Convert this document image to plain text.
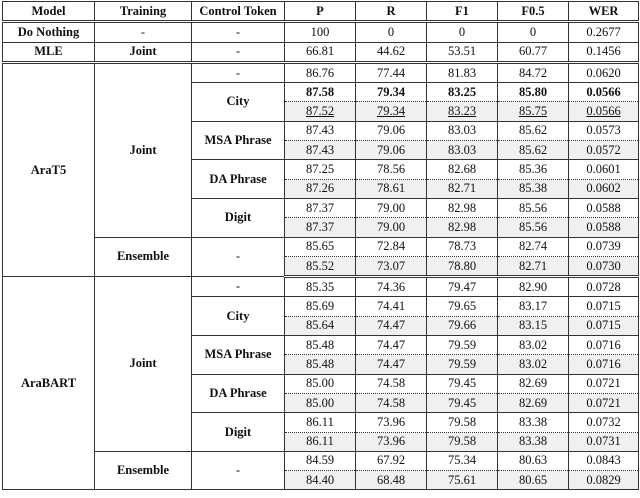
Model	Training	Control Token	P	R	F1	F0.5	WER
Do Nothing	-	-	100	0	0	0	0.2677
MLE	Joint	-	66.81	44.62	53.51	60.77	0.1456
AraT5	Joint	-	86.76	77.44	81.83	84.72	0.0620
		City	87.58	79.34	83.25	85.80	0.0566
			87.52	79.34	83.23	85.75	0.0566
		MSA Phrase	87.43	79.06	83.03	85.62	0.0573
			87.43	79.06	83.03	85.62	0.0572
		DA Phrase	87.25	78.56	82.68	85.36	0.0601
			87.26	78.61	82.71	85.38	0.0602
		Digit	87.37	79.00	82.98	85.56	0.0588
			87.37	79.00	82.98	85.56	0.0588
	Ensemble	-	85.65	72.84	78.73	82.74	0.0739
			85.52	73.07	78.80	82.71	0.0730
AraBART	Joint	-	85.35	74.36	79.47	82.90	0.0728
		City	85.69	74.41	79.65	83.17	0.0715
			85.64	74.47	79.66	83.15	0.0715
		MSA Phrase	85.48	74.47	79.59	83.02	0.0716
			85.48	74.47	79.59	83.02	0.0716
		DA Phrase	85.00	74.58	79.45	82.69	0.0721
			85.00	74.58	79.45	82.69	0.0721
		Digit	86.11	73.96	79.58	83.38	0.0732
			86.11	73.96	79.58	83.38	0.0731
	Ensemble	-	84.59	67.92	75.34	80.63	0.0843
			84.40	68.48	75.61	80.65	0.0829
